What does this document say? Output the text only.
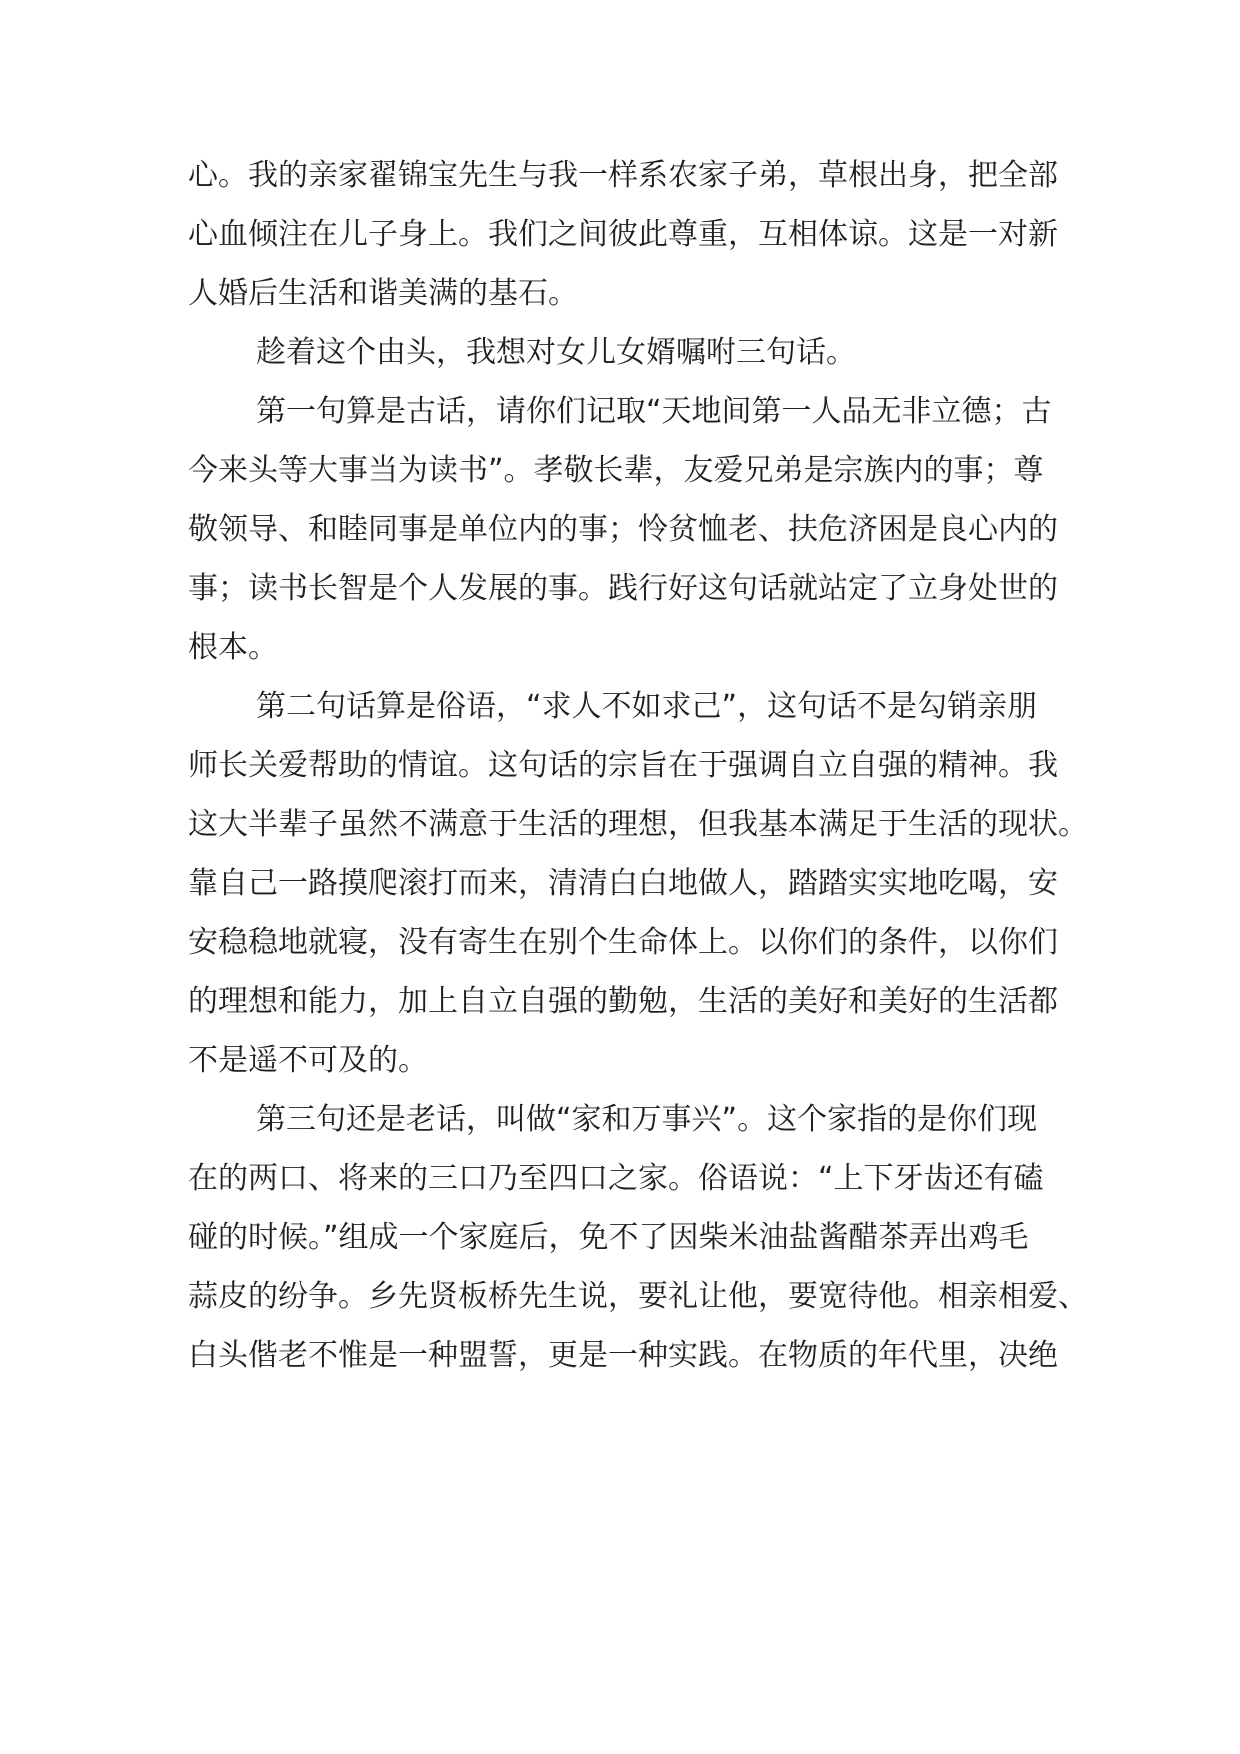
心。我的亲家翟锦宝先生与我一样系农家子弟，草根出身，把全部

心血倾注在儿子身上。我们之间彼此尊重，互相体谅。这是一对新

人婚后生活和谐美满的基石。

趁着这个由头，我想对女儿女婿嘱咐三句话。

第一句算是古话，请你们记取“天地间第一人品无非立德；古

今来头等大事当为读书”。孝敬长辈，友爱兄弟是宗族内的事；尊

敬领导、和睦同事是单位内的事；怜贫恤老、扶危济困是良心内的

事；读书长智是个人发展的事。践行好这句话就站定了立身处世的

根本。

第二句话算是俗语，“求人不如求己”，这句话不是勾销亲朋

师长关爱帮助的情谊。这句话的宗旨在于强调自立自强的精神。我

这大半辈子虽然不满意于生活的理想，但我基本满足于生活的现状。

靠自己一路摸爬滚打而来，清清白白地做人，踏踏实实地吃喝，安

安稳稳地就寝，没有寄生在别个生命体上。以你们的条件，以你们

的理想和能力，加上自立自强的勤勉，生活的美好和美好的生活都

不是遥不可及的。

第三句还是老话，叫做“家和万事兴”。这个家指的是你们现

在的两口、将来的三口乃至四口之家。俗语说：“上下牙齿还有磕

碰的时候。”组成一个家庭后，免不了因柴米油盐酱醋茶弄出鸡毛

蒜皮的纷争。乡先贤板桥先生说，要礼让他，要宽待他。相亲相爱、

白头偕老不惟是一种盟誓，更是一种实践。在物质的年代里，决绝
